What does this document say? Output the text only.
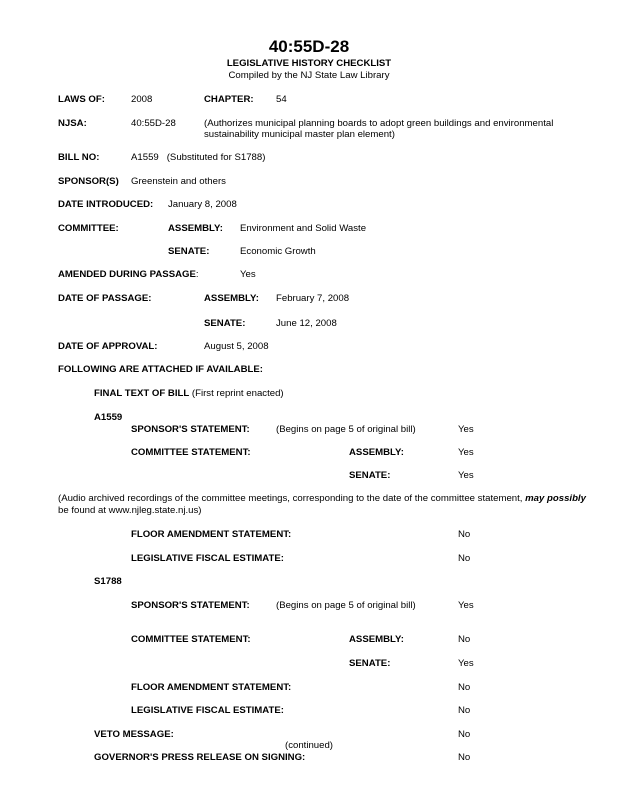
40:55D-28
LEGISLATIVE HISTORY CHECKLIST
Compiled by the NJ State Law Library
LAWS OF:	2008	CHAPTER: 54
NJSA:	40:55D-28	(Authorizes municipal planning boards to adopt green buildings and environmental
sustainability municipal master plan element)
BILL NO:	A1559   (Substituted for S1788)
SPONSOR(S) Greenstein and others
DATE INTRODUCED: January 8, 2008
COMMITTEE:	ASSEMBLY: Environment and Solid Waste
SENATE:	Economic Growth
AMENDED DURING PASSAGE:	Yes
DATE OF PASSAGE:	ASSEMBLY: February 7, 2008
SENATE:	June 12, 2008
DATE OF APPROVAL:	August 5, 2008
FOLLOWING ARE ATTACHED IF AVAILABLE:
FINAL TEXT OF BILL (First reprint enacted)
A1559
SPONSOR'S STATEMENT:	(Begins on page 5 of original bill)	Yes
COMMITTEE STATEMENT:	ASSEMBLY:	Yes
SENATE:	Yes
(Audio archived recordings of the committee meetings, corresponding to the date of the committee statement, may possibly
be found at www.njleg.state.nj.us)
FLOOR AMENDMENT STATEMENT:	No
LEGISLATIVE FISCAL ESTIMATE:	No
S1788
SPONSOR'S STATEMENT:	(Begins on page 5 of original bill)	Yes
COMMITTEE STATEMENT:	ASSEMBLY:	No
SENATE:	Yes
FLOOR AMENDMENT STATEMENT:	No
LEGISLATIVE FISCAL ESTIMATE:	No
VETO MESSAGE:	No
(continued)
GOVERNOR'S PRESS RELEASE ON SIGNING:	No
